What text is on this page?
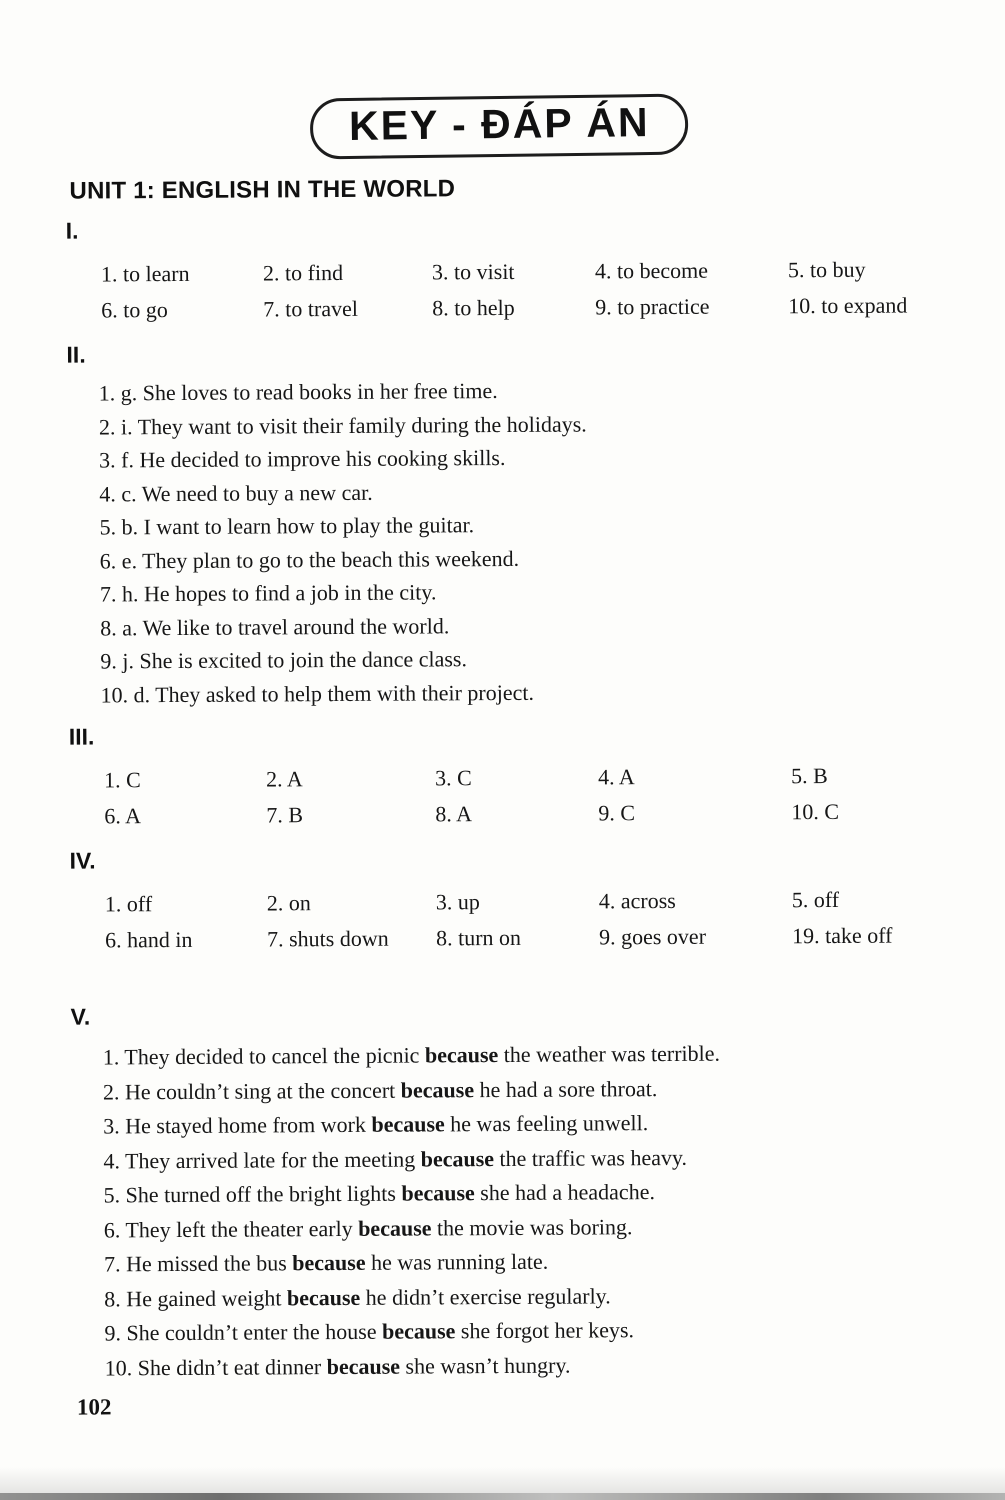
KEY - ĐÁP ÁN
UNIT 1: ENGLISH IN THE WORLD
I.
1. to learn	2. to find	3. to visit	4. to become	5. to buy
6. to go	7. to travel	8. to help	9. to practice	10. to expand
II.
1. g. She loves to read books in her free time.
2. i. They want to visit their family during the holidays.
3. f. He decided to improve his cooking skills.
4. c. We need to buy a new car.
5. b. I want to learn how to play the guitar.
6. e. They plan to go to the beach this weekend.
7. h. He hopes to find a job in the city.
8. a. We like to travel around the world.
9. j. She is excited to join the dance class.
10. d. They asked to help them with their project.
III.
1. C	2. A	3. C	4. A	5. B
6. A	7. B	8. A	9. C	10. C
IV.
1. off	2. on	3. up	4. across	5. off
6. hand in	7. shuts down	8. turn on	9. goes over	19. take off
V.
1. They decided to cancel the picnic because the weather was terrible.
2. He couldn’t sing at the concert because he had a sore throat.
3. He stayed home from work because he was feeling unwell.
4. They arrived late for the meeting because the traffic was heavy.
5. She turned off the bright lights because she had a headache.
6. They left the theater early because the movie was boring.
7. He missed the bus because he was running late.
8. He gained weight because he didn’t exercise regularly.
9. She couldn’t enter the house because she forgot her keys.
10. She didn’t eat dinner because she wasn’t hungry.
102
